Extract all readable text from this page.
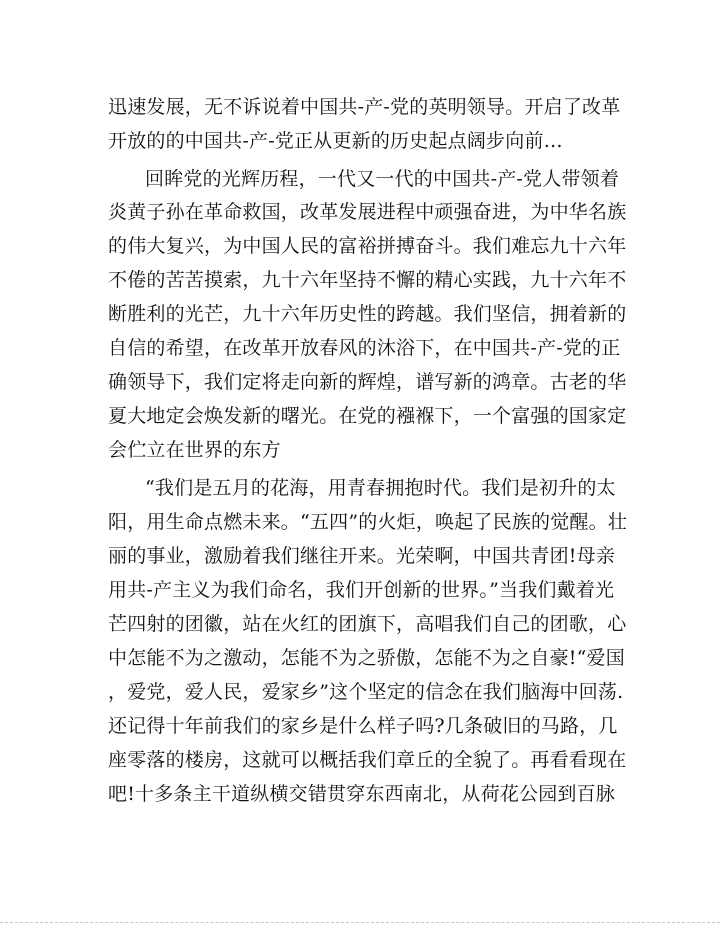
迅速发展，无不诉说着中国共-产-党的英明领导。开启了改革
开放的的中国共-产-党正从更新的历史起点阔步向前…
回眸党的光辉历程，一代又一代的中国共-产-党人带领着
炎黄子孙在革命救国，改革发展进程中顽强奋进，为中华名族
的伟大复兴，为中国人民的富裕拼搏奋斗。我们难忘九十六年
不倦的苦苦摸索，九十六年坚持不懈的精心实践，九十六年不
断胜利的光芒，九十六年历史性的跨越。我们坚信，拥着新的
自信的希望，在改革开放春风的沐浴下，在中国共-产-党的正
确领导下，我们定将走向新的辉煌，谱写新的鸿章。古老的华
夏大地定会焕发新的曙光。在党的襁褓下，一个富强的国家定
会伫立在世界的东方
“我们是五月的花海，用青春拥抱时代。我们是初升的太
阳，用生命点燃未来。“五四”的火炬，唤起了民族的觉醒。壮
丽的事业，激励着我们继往开来。光荣啊，中国共青团!母亲
用共-产主义为我们命名，我们开创新的世界。”当我们戴着光
芒四射的团徽，站在火红的团旗下，高唱我们自己的团歌，心
中怎能不为之激动，怎能不为之骄傲，怎能不为之自豪!“爱国
，爱党，爱人民，爱家乡”这个坚定的信念在我们脑海中回荡.
还记得十年前我们的家乡是什么样子吗?几条破旧的马路，几
座零落的楼房，这就可以概括我们章丘的全貌了。再看看现在
吧!十多条主干道纵横交错贯穿东西南北，从荷花公园到百脉
